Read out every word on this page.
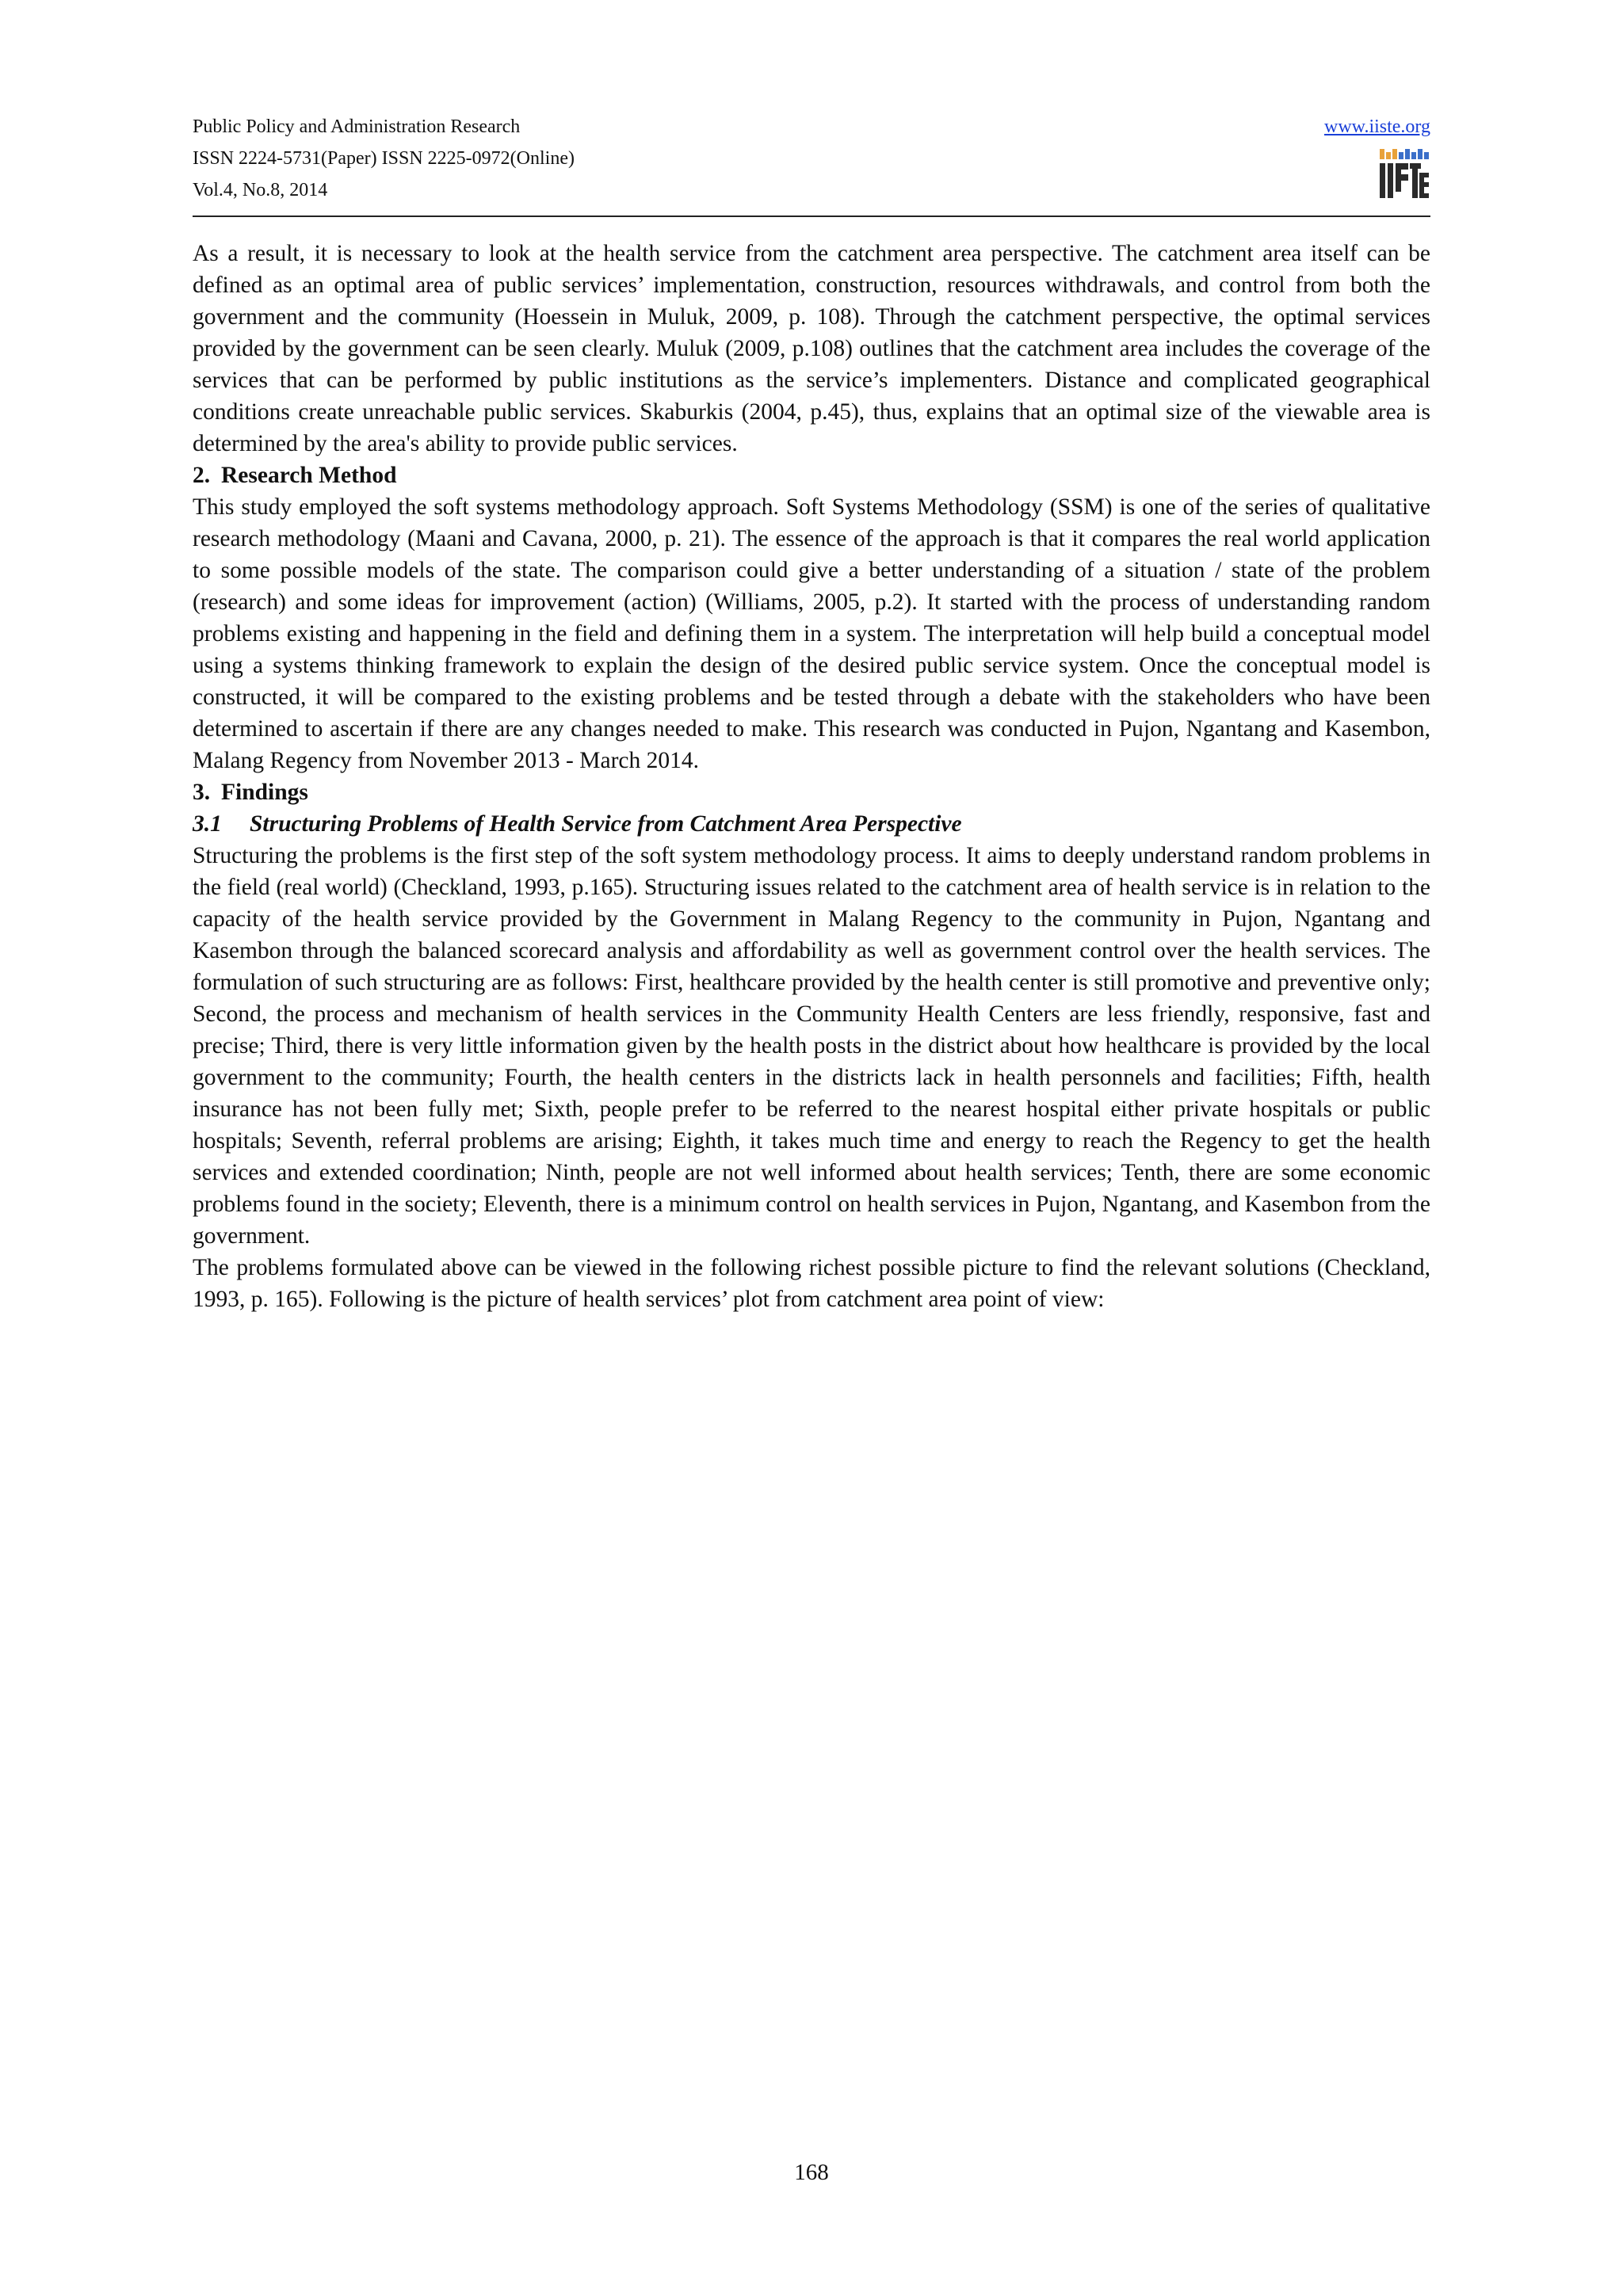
Public Policy and Administration Research
ISSN 2224-5731(Paper) ISSN 2225-0972(Online)
Vol.4, No.8, 2014
www.iiste.org

As a result, it is necessary to look at the health service from the catchment area perspective. The catchment area itself can be defined as an optimal area of public services’ implementation, construction, resources withdrawals, and control from both the government and the community (Hoessein in Muluk, 2009, p. 108). Through the catchment perspective, the optimal services provided by the government can be seen clearly. Muluk (2009, p.108) outlines that the catchment area includes the coverage of the services that can be performed by public institutions as the service’s implementers. Distance and complicated geographical conditions create unreachable public services. Skaburkis (2004, p.45), thus, explains that an optimal size of the viewable area is determined by the area's ability to provide public services.

2. Research Method

This study employed the soft systems methodology approach. Soft Systems Methodology (SSM) is one of the series of qualitative research methodology (Maani and Cavana, 2000, p. 21). The essence of the approach is that it compares the real world application to some possible models of the state. The comparison could give a better understanding of a situation / state of the problem (research) and some ideas for improvement (action) (Williams, 2005, p.2). It started with the process of understanding random problems existing and happening in the field and defining them in a system. The interpretation will help build a conceptual model using a systems thinking framework to explain the design of the desired public service system. Once the conceptual model is constructed, it will be compared to the existing problems and be tested through a debate with the stakeholders who have been determined to ascertain if there are any changes needed to make. This research was conducted in Pujon, Ngantang and Kasembon, Malang Regency from November 2013 - March 2014.

3. Findings

3.1 Structuring Problems of Health Service from Catchment Area Perspective

Structuring the problems is the first step of the soft system methodology process. It aims to deeply understand random problems in the field (real world) (Checkland, 1993, p.165). Structuring issues related to the catchment area of health service is in relation to the capacity of the health service provided by the Government in Malang Regency to the community in Pujon, Ngantang and Kasembon through the balanced scorecard analysis and affordability as well as government control over the health services. The formulation of such structuring are as follows: First, healthcare provided by the health center is still promotive and preventive only; Second, the process and mechanism of health services in the Community Health Centers are less friendly, responsive, fast and precise; Third, there is very little information given by the health posts in the district about how healthcare is provided by the local government to the community; Fourth, the health centers in the districts lack in health personnels and facilities; Fifth, health insurance has not been fully met; Sixth, people prefer to be referred to the nearest hospital either private hospitals or public hospitals; Seventh, referral problems are arising; Eighth, it takes much time and energy to reach the Regency to get the health services and extended coordination; Ninth, people are not well informed about health services; Tenth, there are some economic problems found in the society; Eleventh, there is a minimum control on health services in Pujon, Ngantang, and Kasembon from the government.

The problems formulated above can be viewed in the following richest possible picture to find the relevant solutions (Checkland, 1993, p. 165). Following is the picture of health services’ plot from catchment area point of view:

168
